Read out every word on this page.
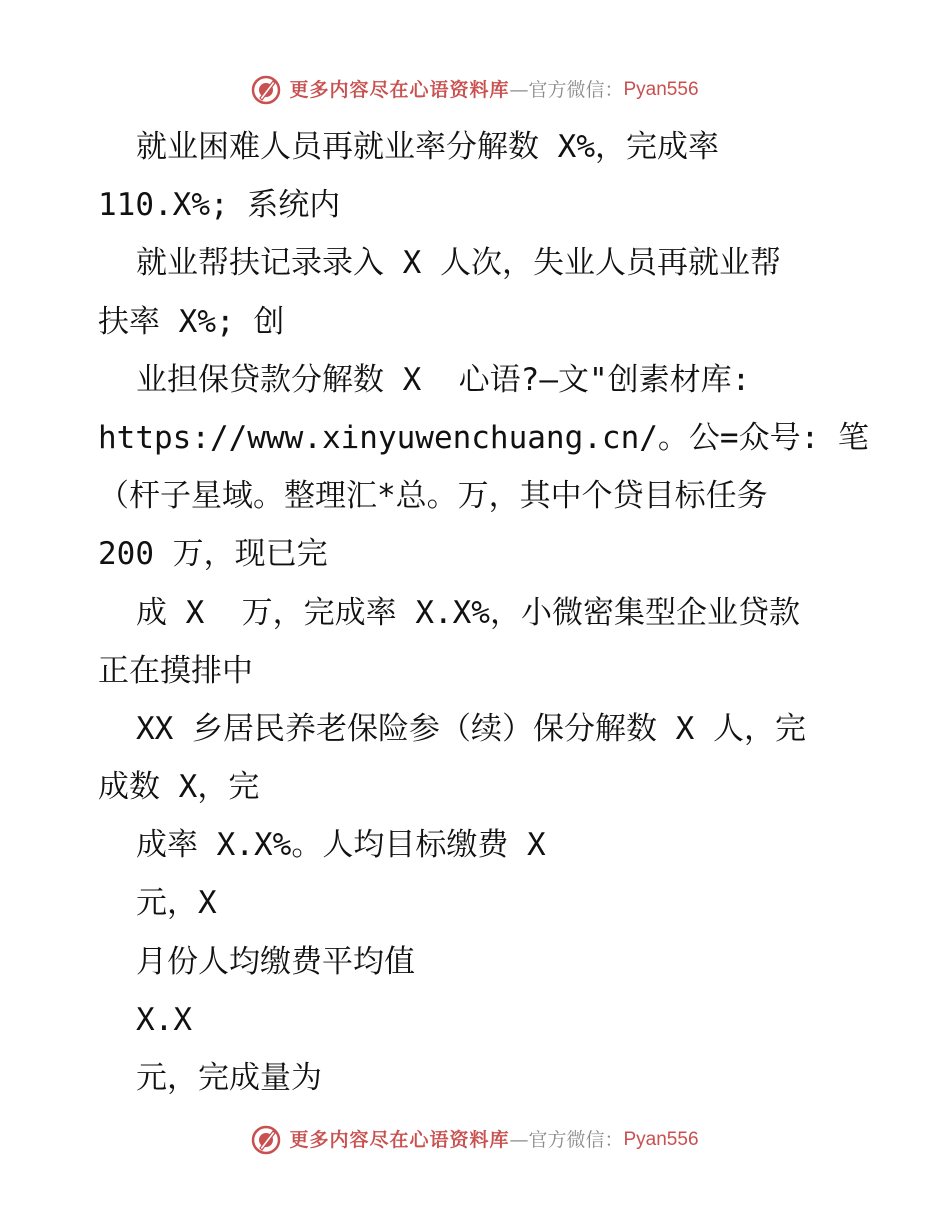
更多内容尽在心语资料库 — 官方微信： Pyan556
就业困难人员再就业率分解数 X%，完成率
110.X%; 系统内
就业帮扶记录录入 X 人次，失业人员再就业帮
扶率 X%; 创
业担保贷款分解数 X  心语?—文"创素材库:
https://www.xinyuwenchuang.cn/。公=众号: 笔
（杆子星域。整理汇*总。万，其中个贷目标任务
200 万，现已完
成 X  万，完成率 X.X%，小微密集型企业贷款
正在摸排中
XX 乡居民养老保险参（续）保分解数 X 人，完
成数 X，完
成率 X.X%。人均目标缴费 X
元，X
月份人均缴费平均值
X.X
元，完成量为
更多内容尽在心语资料库 — 官方微信： Pyan556
